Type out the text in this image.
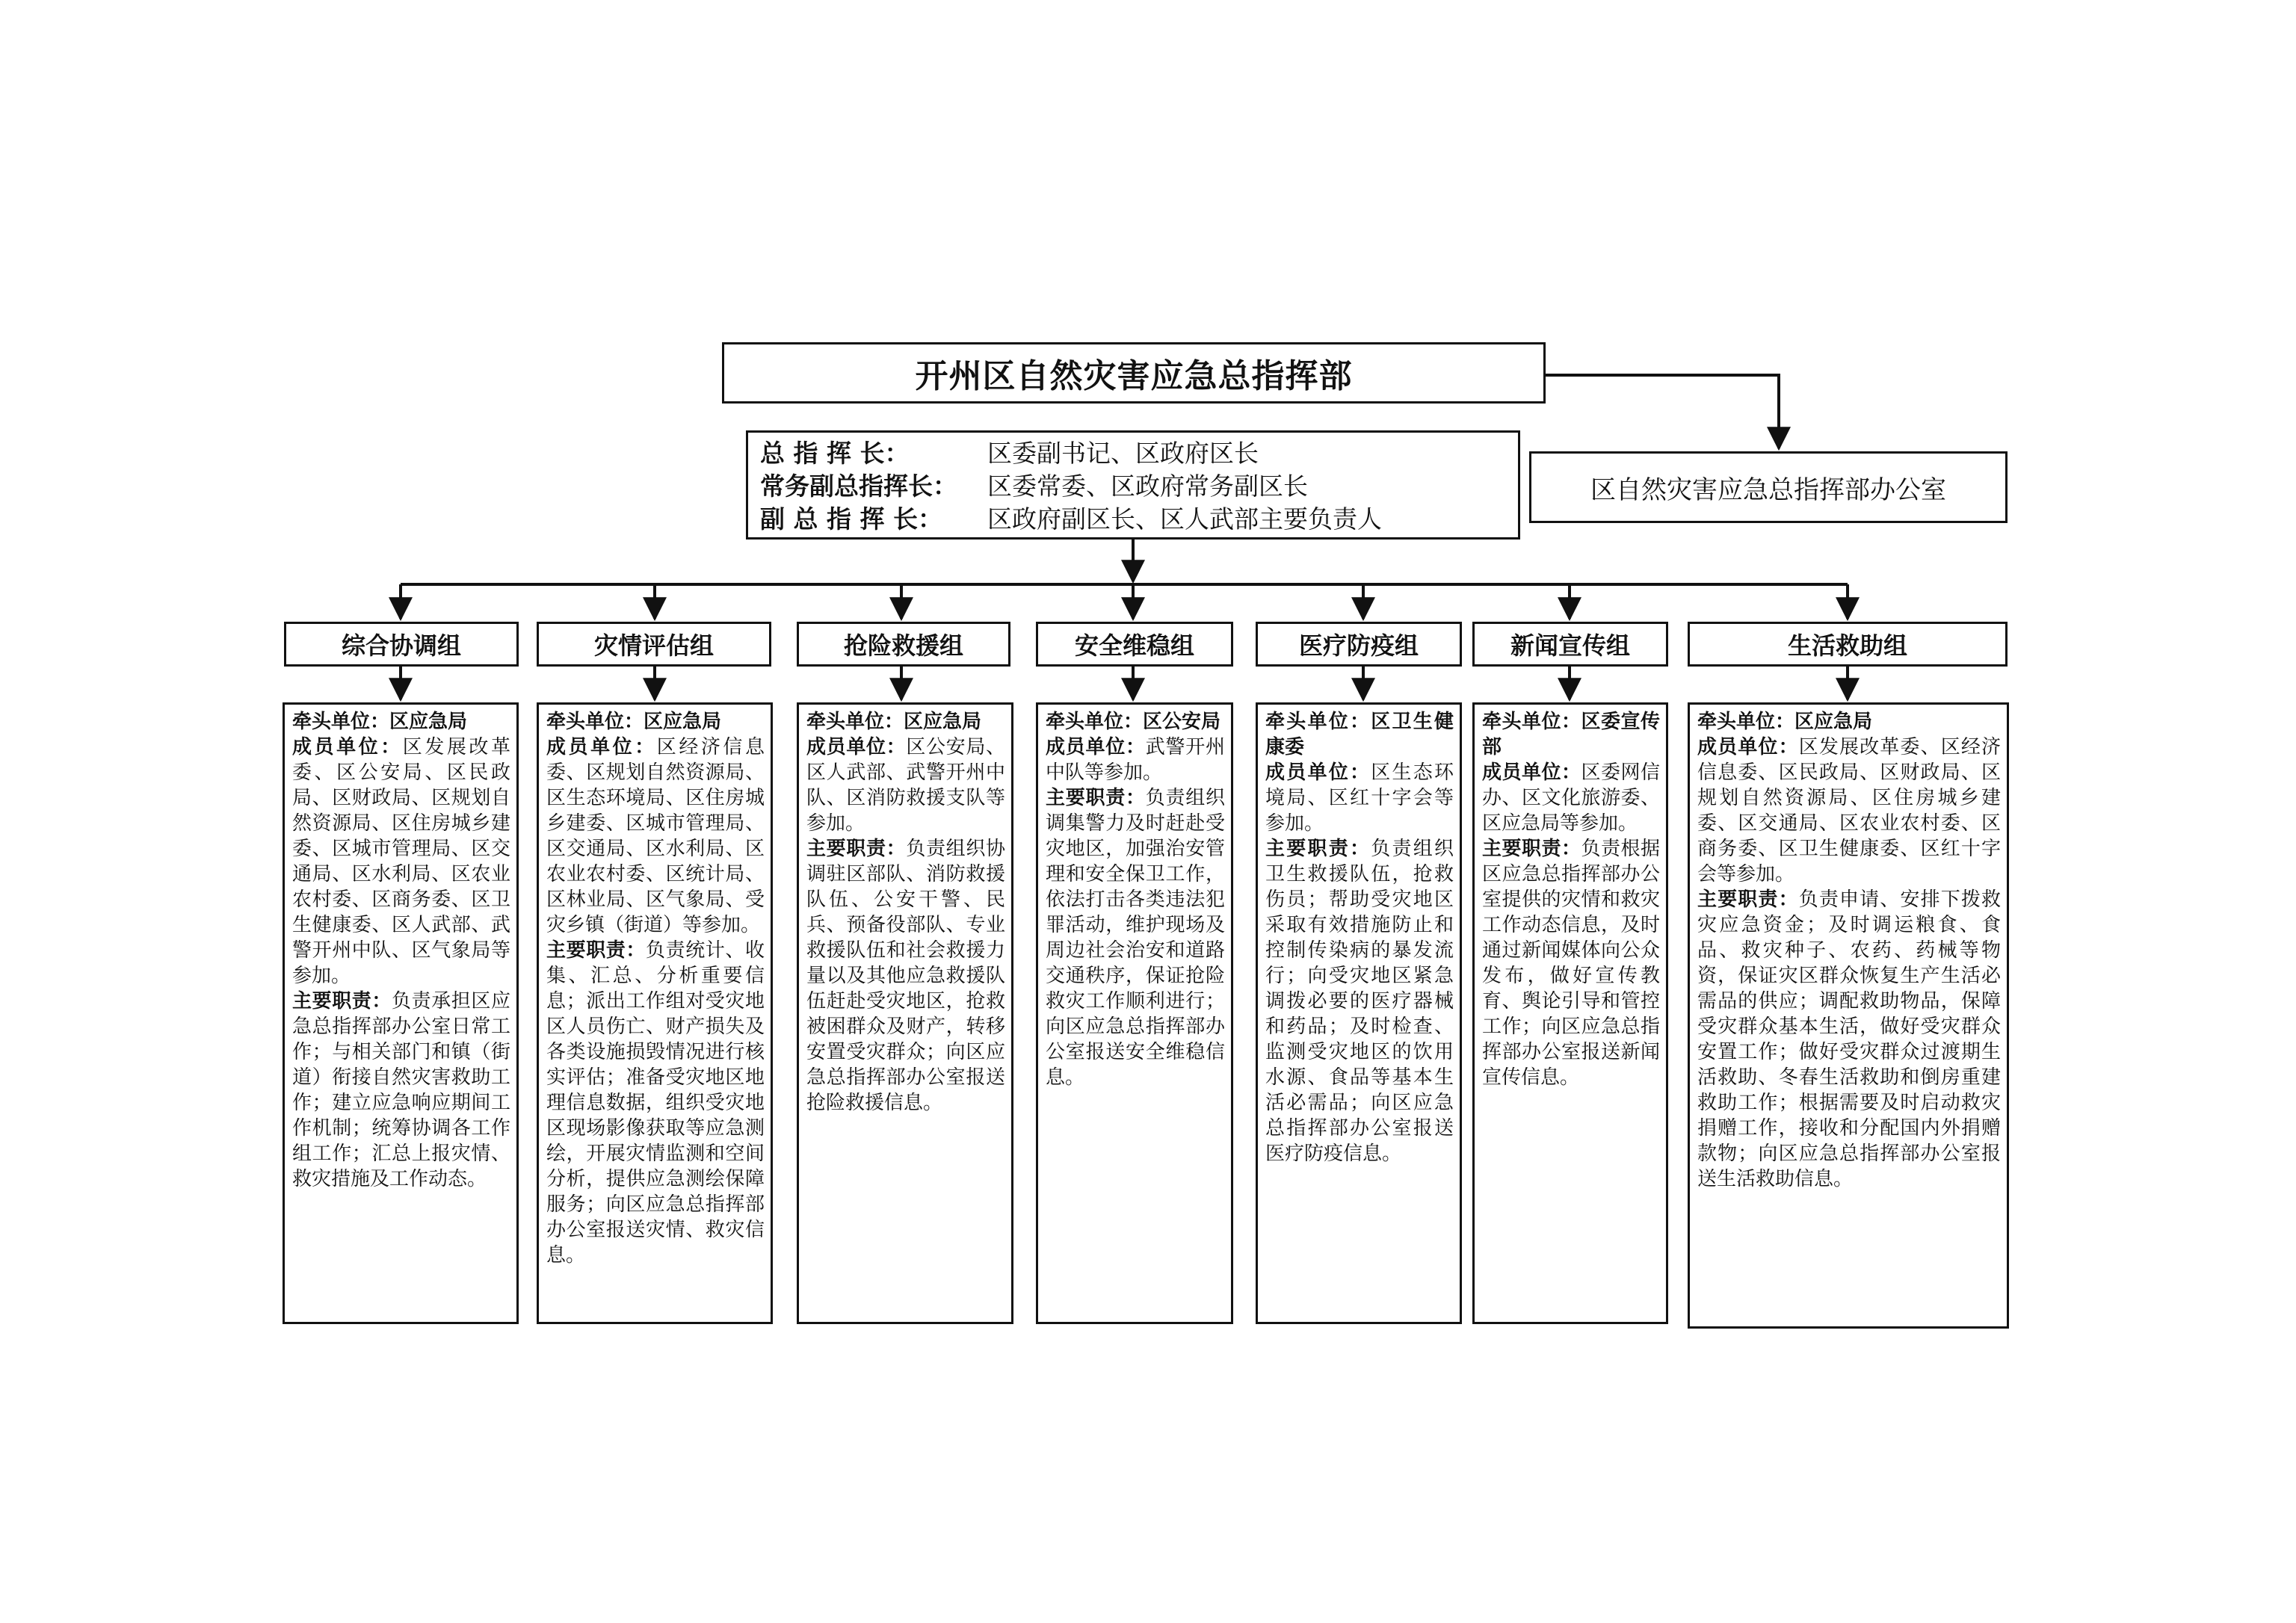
开州区自然灾害应急总指挥部
总 指 挥 长：	区委副书记、区政府区长
常务副总指挥长：	区委常委、区政府常务副区长
副 总 指 挥 长：	区政府副区长、区人武部主要负责人
区自然灾害应急总指挥部办公室
综合协调组	灾情评估组	抢险救援组	安全维稳组	医疗防疫组	新闻宣传组	生活救助组

牵头单位：区应急局

成员单位：区发展改革委、区公安局、区民政局、区财政局、区规划自然资源局、区住房城乡建委、区城市管理局、区交通局、区水利局、区农业农村委、区商务委、区卫生健康委、区人武部、武警开州中队、区气象局等参加。

主要职责：负责承担区应急总指挥部办公室日常工作；与相关部门和镇（街道）衔接自然灾害救助工作；建立应急响应期间工作机制；统筹协调各工作组工作；汇总上报灾情、救灾措施及工作动态。

牵头单位：区应急局

成员单位：区经济信息委、区规划自然资源局、区生态环境局、区住房城乡建委、区城市管理局、区交通局、区水利局、区农业农村委、区统计局、区林业局、区气象局、受灾乡镇（街道）等参加。

主要职责：负责统计、收集、汇总、分析重要信息；派出工作组对受灾地区人员伤亡、财产损失及各类设施损毁情况进行核实评估；准备受灾地区地理信息数据，组织受灾地区现场影像获取等应急测绘，开展灾情监测和空间分析，提供应急测绘保障服务；向区应急总指挥部办公室报送灾情、救灾信息。

牵头单位：区应急局

成员单位：区公安局、区人武部、武警开州中队、区消防救援支队等参加。

主要职责：负责组织协调驻区部队、消防救援队伍、公安干警、民兵、预备役部队、专业救援队伍和社会救援力量以及其他应急救援队伍赶赴受灾地区，抢救被困群众及财产，转移安置受灾群众；向区应急总指挥部办公室报送抢险救援信息。

牵头单位：区公安局

成员单位：武警开州中队等参加。

主要职责：负责组织调集警力及时赶赴受灾地区，加强治安管理和安全保卫工作，依法打击各类违法犯罪活动，维护现场及周边社会治安和道路交通秩序，保证抢险救灾工作顺利进行；向区应急总指挥部办公室报送安全维稳信息。

牵头单位：区卫生健康委

成员单位：区生态环境局、区红十字会等参加。

主要职责：负责组织卫生救援队伍，抢救伤员；帮助受灾地区采取有效措施防止和控制传染病的暴发流行；向受灾地区紧急调拨必要的医疗器械和药品；及时检查、监测受灾地区的饮用水源、食品等基本生活必需品；向区应急总指挥部办公室报送医疗防疫信息。

牵头单位：区委宣传部

成员单位：区委网信办、区文化旅游委、区应急局等参加。

主要职责：负责根据区应急总指挥部办公室提供的灾情和救灾工作动态信息，及时通过新闻媒体向公众发布，做好宣传教育、舆论引导和管控工作；向区应急总指挥部办公室报送新闻宣传信息。

牵头单位：区应急局

成员单位：区发展改革委、区经济信息委、区民政局、区财政局、区规划自然资源局、区住房城乡建委、区交通局、区农业农村委、区商务委、区卫生健康委、区红十字会等参加。

主要职责：负责申请、安排下拨救灾应急资金；及时调运粮食、食品、救灾种子、农药、药械等物资，保证灾区群众恢复生产生活必需品的供应；调配救助物品，保障受灾群众基本生活，做好受灾群众安置工作；做好受灾群众过渡期生活救助、冬春生活救助和倒房重建救助工作；根据需要及时启动救灾捐赠工作，接收和分配国内外捐赠款物；向区应急总指挥部办公室报送生活救助信息。
